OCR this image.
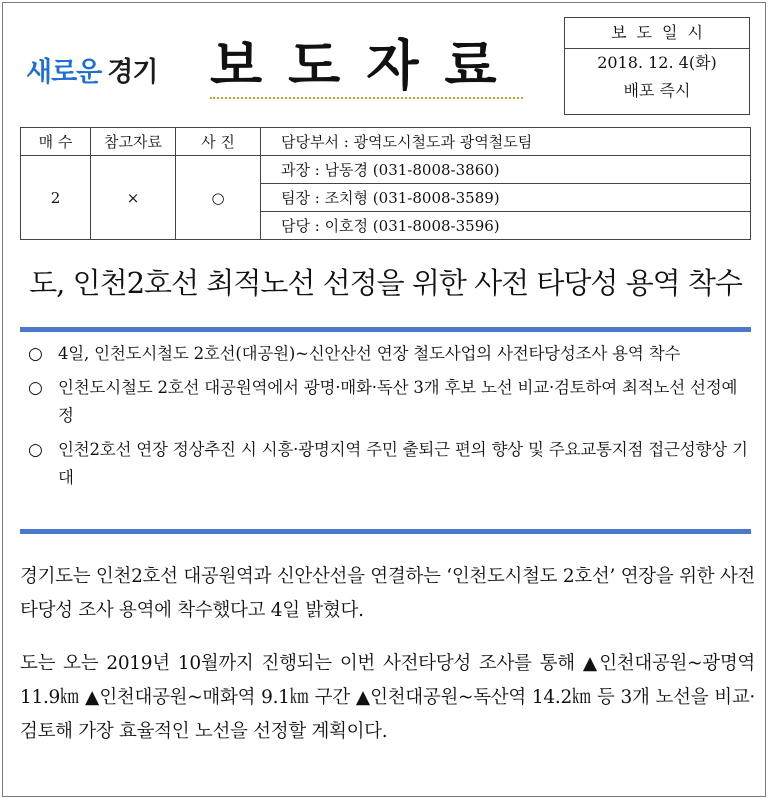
새로운 경기 보도자료
보도일시
2018. 12. 4(화)
배포 즉시
매 수	참고자료	사 진	담당부서 : 광역도시철도과 광역철도팀
2	×	○	과장 : 남동경 (031-8008-3860)
			팀장 : 조치형 (031-8008-3589)
			담당 : 이호정 (031-8008-3596)
도, 인천2호선 최적노선 선정을 위한 사전 타당성 용역 착수
○ 4일, 인천도시철도 2호선(대공원)~신안산선 연장 철도사업의 사전타당성조사 용역 착수
○ 인천도시철도 2호선 대공원역에서 광명·매화·독산 3개 후보 노선 비교·검토하여 최적노선 선정예정
○ 인천2호선 연장 정상추진 시 시흥·광명지역 주민 출퇴근 편의 향상 및 주요교통지점 접근성향상 기대
경기도는 인천2호선 대공원역과 신안산선을 연결하는 ‘인천도시철도 2호선’ 연장을 위한 사전타당성 조사 용역에 착수했다고 4일 밝혔다.
도는 오는 2019년 10월까지 진행되는 이번 사전타당성 조사를 통해 ▲인천대공원~광명역 11.9㎞ ▲인천대공원~매화역 9.1㎞ 구간 ▲인천대공원~독산역 14.2㎞ 등 3개 노선을 비교·검토해 가장 효율적인 노선을 선정할 계획이다.
